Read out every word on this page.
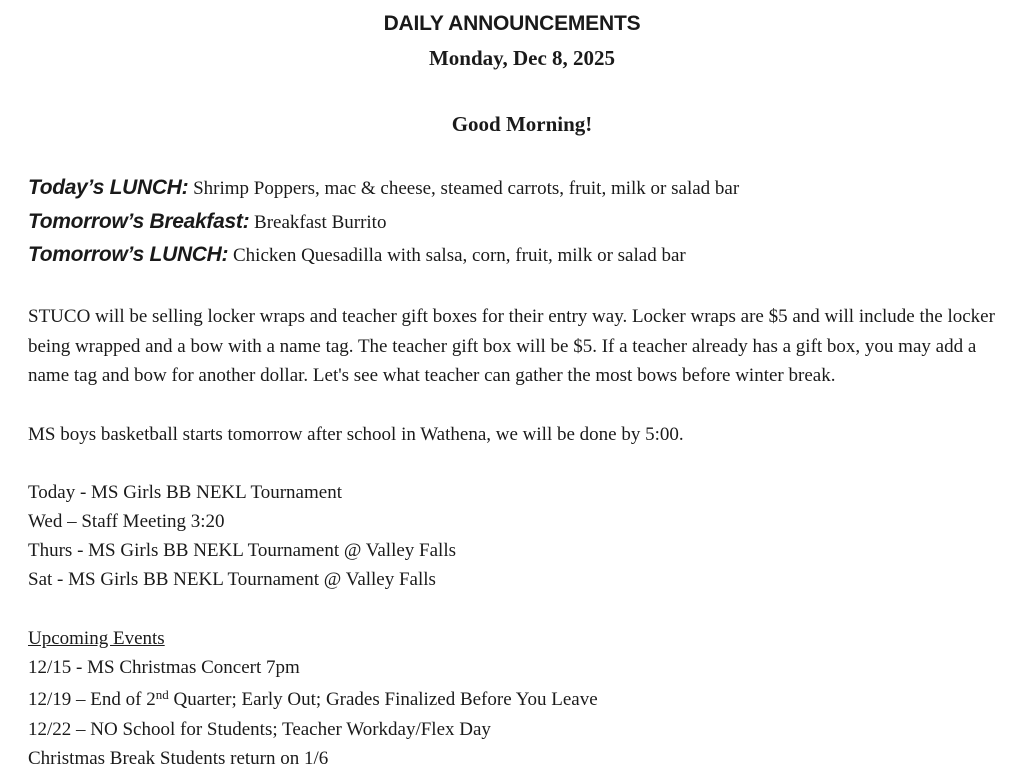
DAILY ANNOUNCEMENTS
Monday, Dec 8, 2025
Good Morning!
Today’s LUNCH: Shrimp Poppers, mac & cheese, steamed carrots, fruit, milk or salad bar
Tomorrow’s Breakfast: Breakfast Burrito
Tomorrow’s LUNCH: Chicken Quesadilla with salsa, corn, fruit, milk or salad bar
STUCO will be selling locker wraps and teacher gift boxes for their entry way. Locker wraps are $5 and will include the locker being wrapped and a bow with a name tag. The teacher gift box will be $5. If a teacher already has a gift box, you may add a name tag and bow for another dollar. Let's see what teacher can gather the most bows before winter break.
MS boys basketball starts tomorrow after school in Wathena, we will be done by 5:00.
Today - MS Girls BB NEKL Tournament
Wed – Staff Meeting 3:20
Thurs - MS Girls BB NEKL Tournament @ Valley Falls
Sat - MS Girls BB NEKL Tournament @ Valley Falls
Upcoming Events
12/15 - MS Christmas Concert 7pm
12/19 – End of 2nd Quarter; Early Out; Grades Finalized Before You Leave
12/22 – NO School for Students; Teacher Workday/Flex Day
Christmas Break Students return on 1/6
